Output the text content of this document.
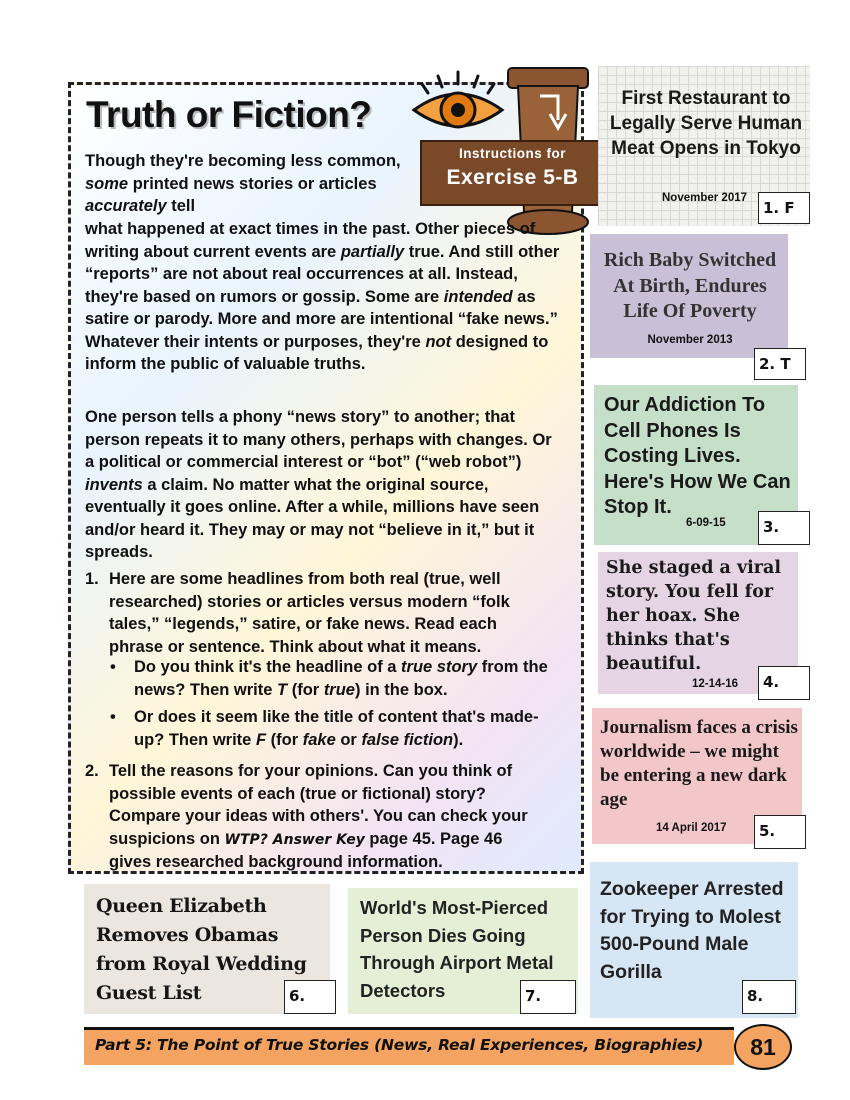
Truth or Fiction?
Instructions for
Exercise 5-B
Though they're becoming less common, some printed news stories or articles accurately tell
what happened at exact times in the past. Other pieces of writing about current events are partially true. And still other “reports” are not about real occurrences at all. Instead, they're based on rumors or gossip. Some are intended as satire or parody. More and more are intentional “fake news.” Whatever their intents or purposes, they're not designed to inform the public of valuable truths.
One person tells a phony “news story” to another; that person repeats it to many others, perhaps with changes. Or a political or commercial interest or “bot” (“web robot”) invents a claim. No matter what the original source, eventually it goes online. After a while, millions have seen and/or heard it. They may or may not “believe in it,” but it spreads.
1. Here are some headlines from both real (true, well researched) stories or articles versus modern “folk tales,” “legends,” satire, or fake news. Read each phrase or sentence. Think about what it means.
• Do you think it's the headline of a true story from the news? Then write T (for true) in the box.
• Or does it seem like the title of content that's made-up? Then write F (for fake or false fiction).
2. Tell the reasons for your opinions. Can you think of possible events of each (true or fictional) story? Compare your ideas with others'. You can check your suspicions on WTP? Answer Key page 45. Page 46 gives researched background information.
First Restaurant to Legally Serve Human Meat Opens in Tokyo
November 2017
1. F
Rich Baby Switched At Birth, Endures Life Of Poverty November 2013
2. T
Our Addiction To Cell Phones Is Costing Lives. Here's How We Can Stop It.
6-09-15	3.
She staged a viral story. You fell for her hoax. She thinks that's beautiful.
12-14-16	4.
Journalism faces a crisis worldwide – we might be entering a new dark age
14 April 2017	5.
Queen Elizabeth Removes Obamas from Royal Wedding Guest List	6.
World's Most-Pierced Person Dies Going Through Airport Metal Detectors	7.
Zookeeper Arrested for Trying to Molest 500-Pound Male Gorilla
8.
Part 5: The Point of True Stories (News, Real Experiences, Biographies)	81
